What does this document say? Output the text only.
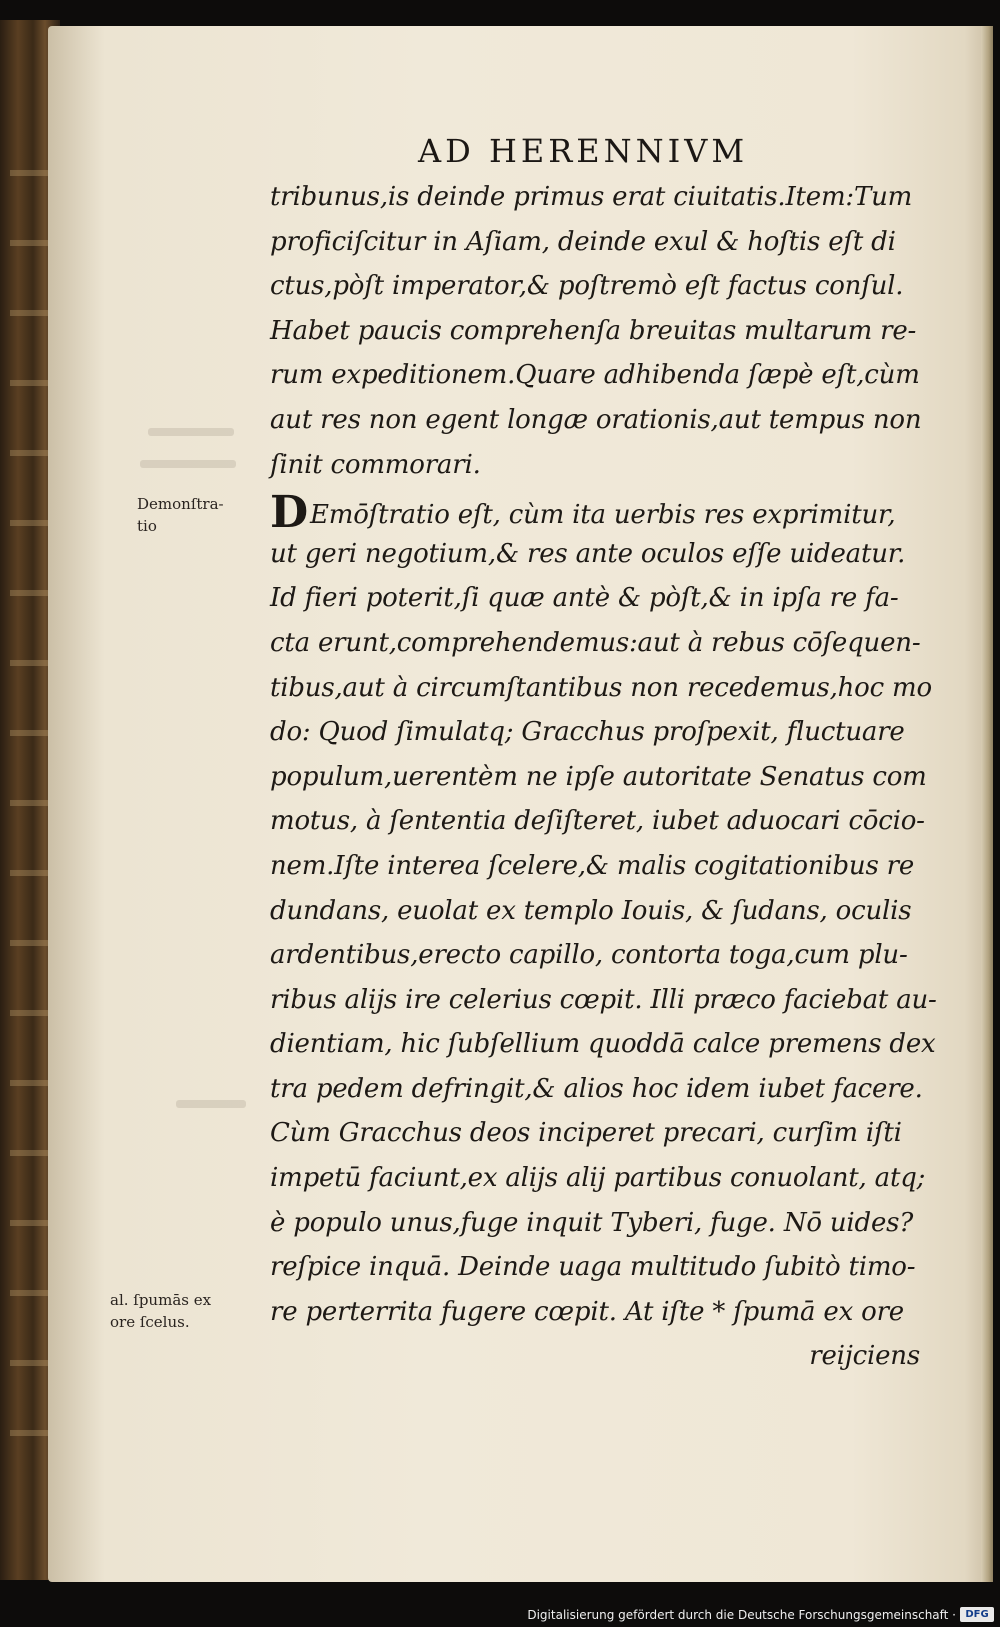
AD HERENNIVM
Demonſtra-
tio
al. ſpumās ex
ore ſcelus.
tribunus,is deinde primus erat ciuitatis.Item:Tum
proficiſcitur in Aſiam, deinde exul & hoſtis eſt di
ctus,pòſt imperator,& poſtremò eſt factus conſul.
Habet paucis comprehenſa breuitas multarum re-
rum expeditionem.Quare adhibenda ſæpè eſt,cùm
aut res non egent longæ orationis,aut tempus non
ſinit commorari.
DEmōſtratio eſt, cùm ita uerbis res exprimitur,
ut geri negotium,& res ante oculos eſſe uideatur.
Id fieri poterit,ſi quæ antè & pòſt,& in ipſa re fa-
cta erunt,comprehendemus:aut à rebus cōſequen-
tibus,aut à circumſtantibus non recedemus,hoc mo
do: Quod ſimulatq; Gracchus proſpexit, fluctuare
populum,uerentèm ne ipſe autoritate Senatus com
motus, à ſententia deſiſteret, iubet aduocari cōcio-
nem.Iſte interea ſcelere,& malis cogitationibus re
dundans, euolat ex templo Iouis, & ſudans, oculis
ardentibus,erecto capillo, contorta toga,cum plu-
ribus alijs ire celerius cœpit. Illi præco faciebat au-
dientiam, hic ſubſellium quoddā calce premens dex
tra pedem defringit,& alios hoc idem iubet facere.
Cùm Gracchus deos inciperet precari, curſim iſti
impetū faciunt,ex alijs alij partibus conuolant, atq;
è populo unus,fuge inquit Tyberi, fuge. Nō uides?
reſpice inquā. Deinde uaga multitudo ſubitò timo-
re perterrita fugere cœpit. At iſte * ſpumā ex ore
reijciens
Digitalisierung gefördert durch die Deutsche Forschungsgemeinschaft · DFG
